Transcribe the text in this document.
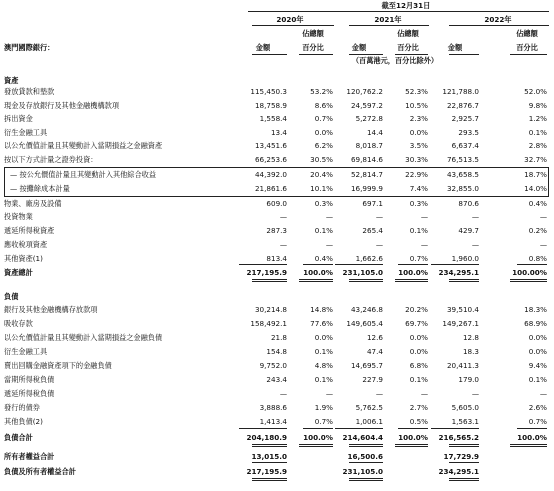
截至12月31日
2020年	2021年	2022年
佔總額	佔總額	佔總額
澳門國際銀行：	金額	金額	金額
百分比	百分比	百分比
（百萬港元，百分比除外）
資產
發放貸款和墊款	115,450.3	53.2%	120,762.2	52.3%	121,788.0	52.0%
現金及存放銀行及其他金融機構款項	18,758.9	8.6%	24,597.2	10.5%	22,876.7	9.8%
拆出資金	1,558.4	0.7%	5,272.8	2.3%	2,925.7	1.2%
衍生金融工具	13.4	0.0%	14.4	0.0%	293.5	0.1%
以公允價值計量且其變動計入當期損益之金融資產	13,451.6	6.2%	8,018.7	3.5%	6,637.4	2.8%
按以下方式計量之證券投資：	66,253.6	30.5%	69,814.6	30.3%	76,513.5	32.7%
— 按公允價值計量且其變動計入其他綜合收益	44,392.0	20.4%	52,814.7	22.9%	43,658.5	18.7%
— 按攤餘成本計量	21,861.6	10.1%	16,999.9	7.4%	32,855.0	14.0%
物業、廠房及設備	609.0	0.3%	697.1	0.3%	870.6	0.4%
投資物業	—	—	—	—	—	—
遞延所得稅資產	287.3	0.1%	265.4	0.1%	429.7	0.2%
應收稅項資產	—	—	—	—	—	—
其他資產(1)	813.4	0.4%	1,662.6	0.7%	1,960.0	0.8%
資產總計	217,195.9	100.0%	231,105.0	100.0%	234,295.1	100.00%
負債
銀行及其他金融機構存放款項	30,214.8	14.8%	43,246.8	20.2%	39,510.4	18.3%
吸收存款	158,492.1	77.6%	149,605.4	69.7%	149,267.1	68.9%
以公允價值計量且其變動計入當期損益之金融負債	21.8	0.0%	12.6	0.0%	12.8	0.0%
衍生金融工具	154.8	0.1%	47.4	0.0%	18.3	0.0%
賣出回購金融資產項下的金融負債	9,752.0	4.8%	14,695.7	6.8%	20,411.3	9.4%
當期所得稅負債	243.4	0.1%	227.9	0.1%	179.0	0.1%
遞延所得稅負債	—	—	—	—	—	—
發行的債券	3,888.6	1.9%	5,762.5	2.7%	5,605.0	2.6%
其他負債(2)	1,413.4	0.7%	1,006.1	0.5%	1,563.1	0.7%
負債合計	204,180.9	100.0%	214,604.4	100.0%	216,565.2	100.0%
所有者權益合計	13,015.0	16,500.6	17,729.9
負債及所有者權益合計	217,195.9	231,105.0	234,295.1
